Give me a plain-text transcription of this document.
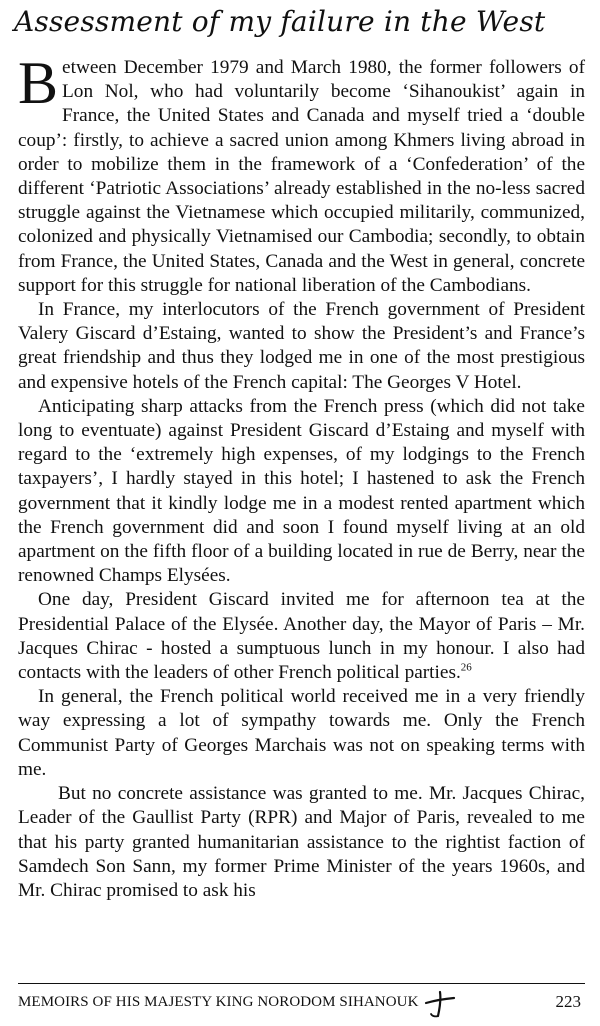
Assessment of my failure in the West

Between December 1979 and March 1980, the former followers of Lon Nol, who had voluntarily become ‘Sihanoukist’ again in France, the United States and Canada and myself tried a ‘double coup’: firstly, to achieve a sacred union among Khmers living abroad in order to mobilize them in the framework of a ‘Confederation’ of the different ‘Patriotic Associations’ already established in the no-less sacred struggle against the Vietnamese which occupied militarily, communized, colonized and physically Vietnamised our Cambodia; secondly, to obtain from France, the United States, Canada and the West in general, concrete support for this struggle for national liberation of the Cambodians.

In France, my interlocutors of the French government of President Valery Giscard d’Estaing, wanted to show the President’s and France’s great friendship and thus they lodged me in one of the most prestigious and expensive hotels of the French capital: The Georges V Hotel.

Anticipating sharp attacks from the French press (which did not take long to eventuate) against President Giscard d’Estaing and myself with regard to the ‘extremely high expenses, of my lodgings to the French taxpayers’, I hardly stayed in this hotel; I hastened to ask the French government that it kindly lodge me in a modest rented apartment which the French government did and soon I found myself living at an old apartment on the fifth floor of a building located in rue de Berry, near the renowned Champs Elysées.

One day, President Giscard invited me for afternoon tea at the Presidential Palace of the Elysée. Another day, the Mayor of Paris – Mr. Jacques Chirac - hosted a sumptuous lunch in my honour. I also had contacts with the leaders of other French political parties.$^{26}$

In general, the French political world received me in a very friendly way expressing a lot of sympathy towards me. Only the French Communist Party of Georges Marchais was not on speaking terms with me.

But no concrete assistance was granted to me. Mr. Jacques Chirac, Leader of the Gaullist Party (RPR) and Major of Paris, revealed to me that his party granted humanitarian assistance to the rightist faction of Samdech Son Sann, my former Prime Minister of the years 1960s, and Mr. Chirac promised to ask his

MEMOIRS OF HIS MAJESTY KING NORODOM SIHANOUK	223
